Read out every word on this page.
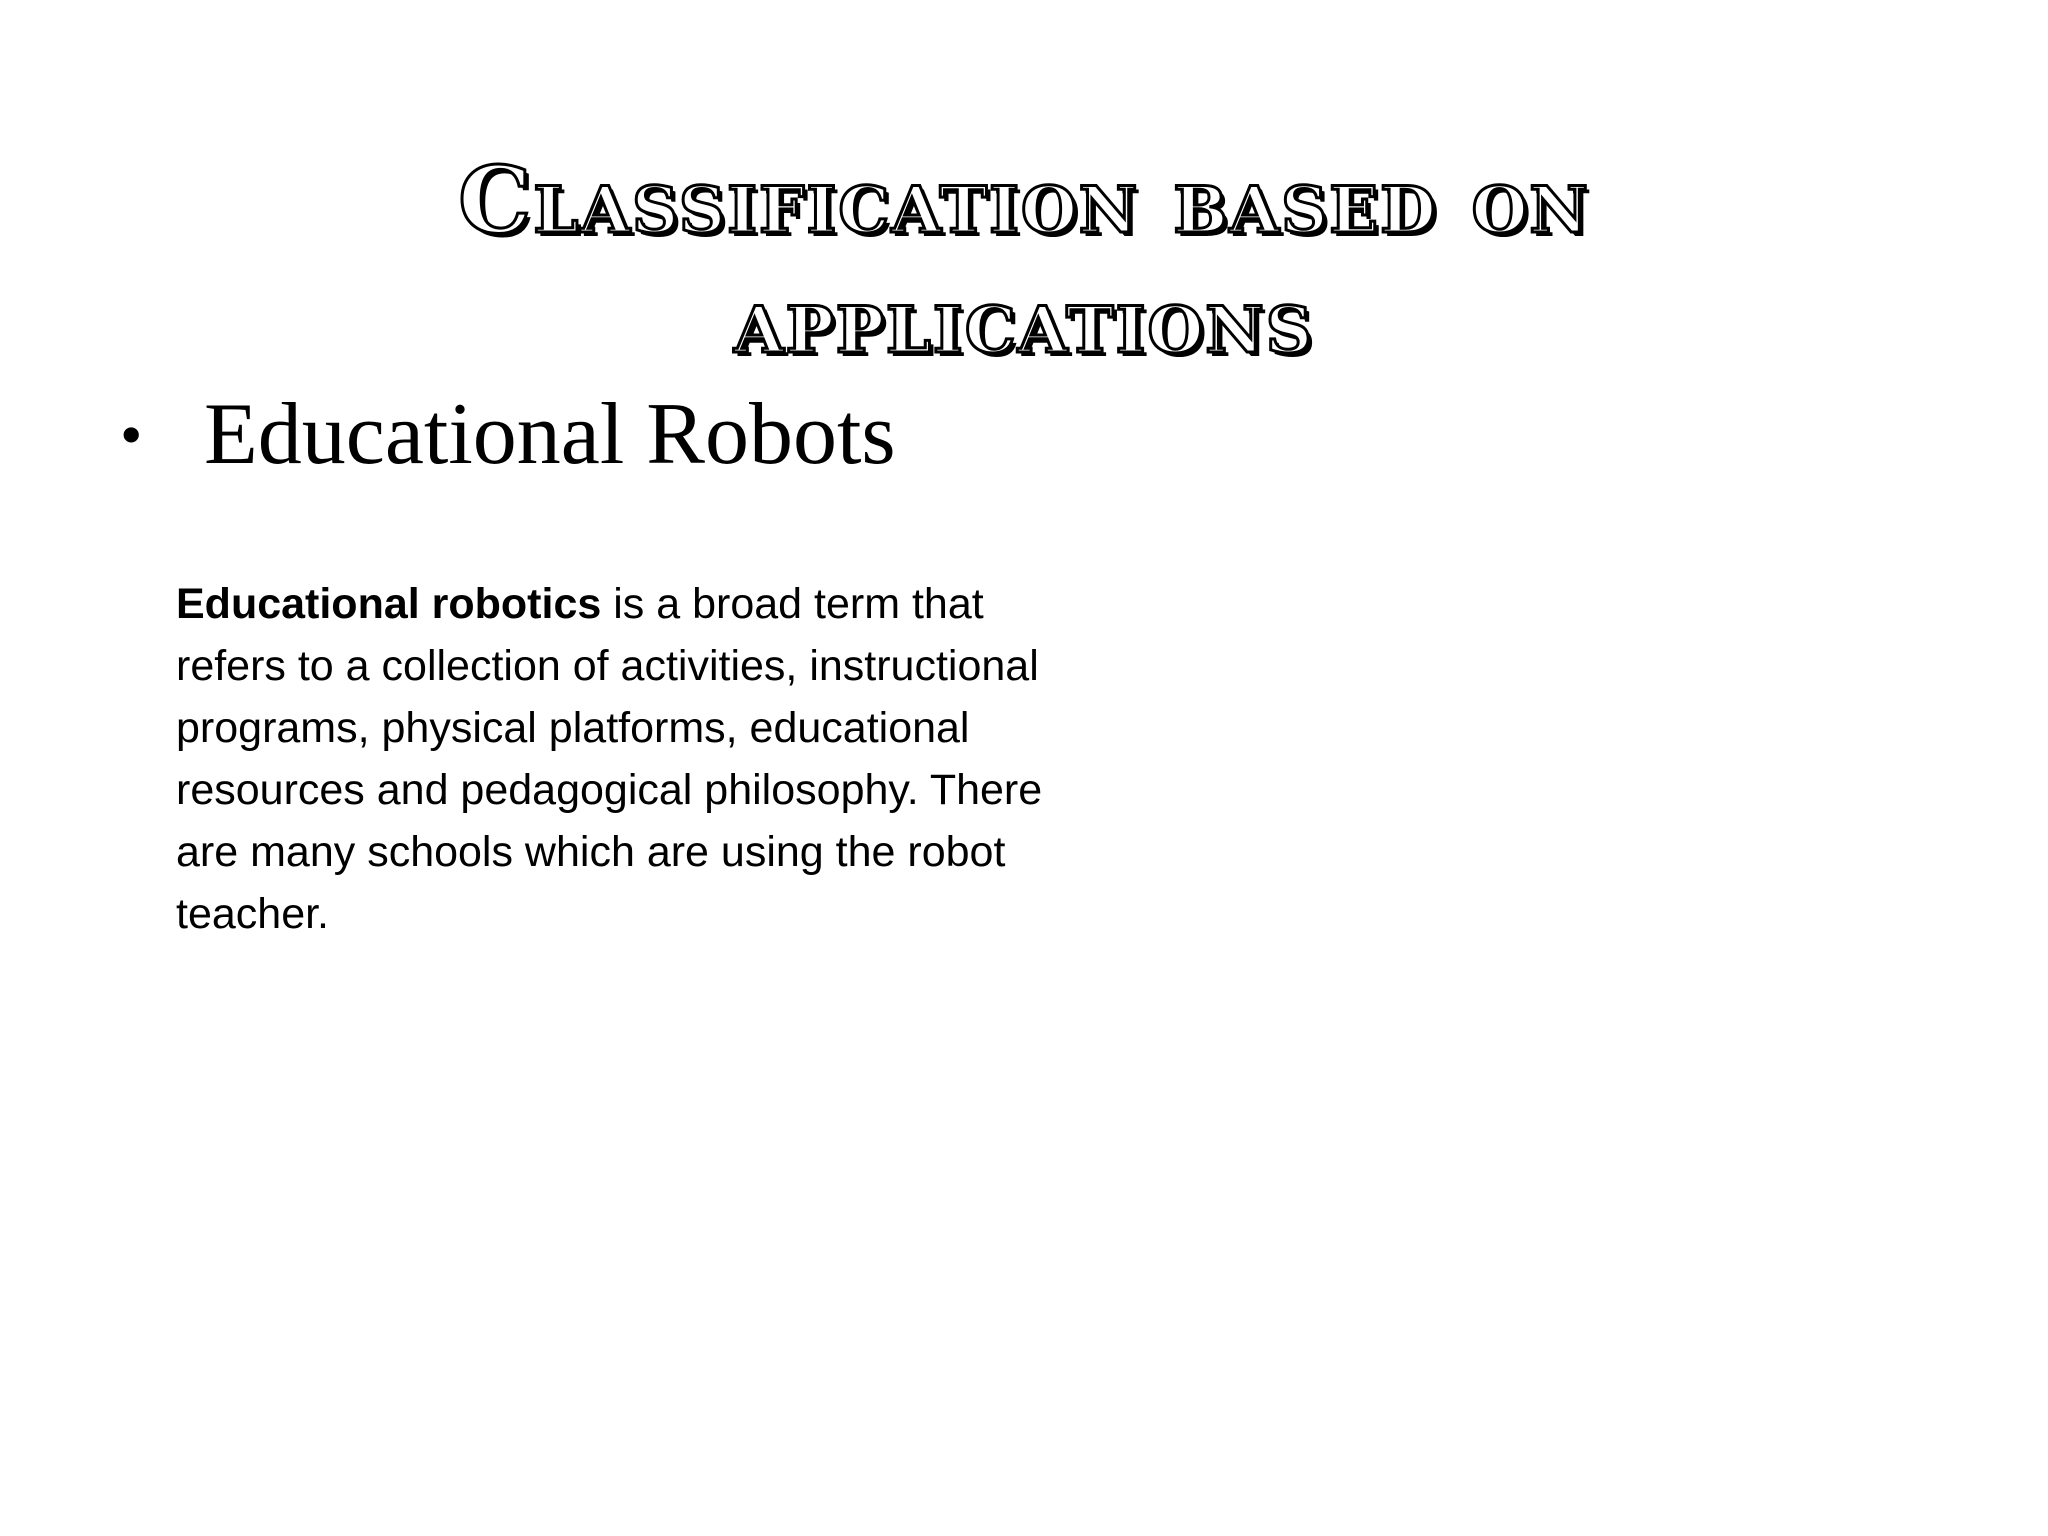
Classification based on
applications
• Educational Robots

Educational robotics is a broad term that refers to a collection of activities, instructional programs, physical platforms, educational resources and pedagogical philosophy. There are many schools which are using the robot teacher.
